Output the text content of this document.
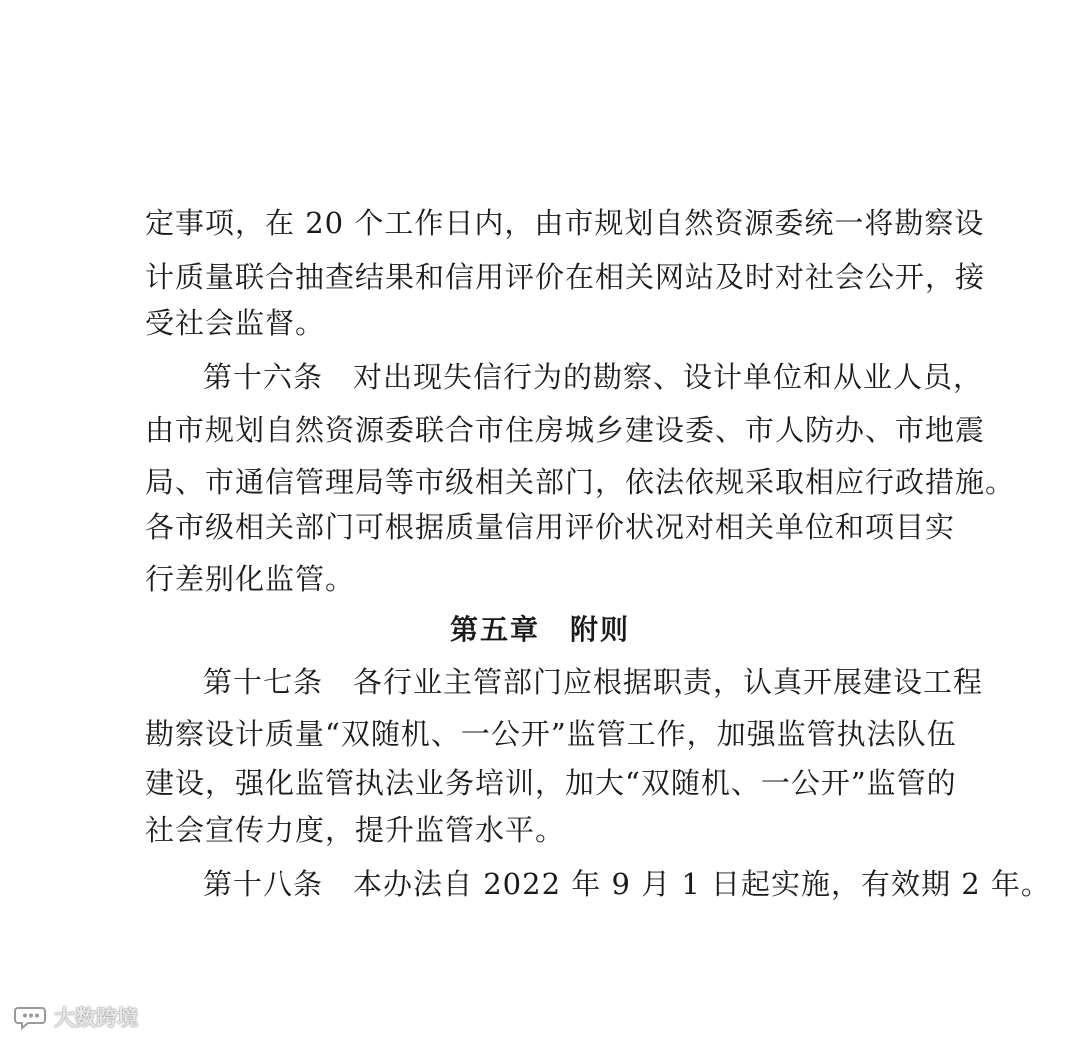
定事项，在 20 个工作日内，由市规划自然资源委统一将勘察设
计质量联合抽查结果和信用评价在相关网站及时对社会公开，接
受社会监督。
第十六条　对出现失信行为的勘察、设计单位和从业人员，
由市规划自然资源委联合市住房城乡建设委、市人防办、市地震
局、市通信管理局等市级相关部门，依法依规采取相应行政措施。
各市级相关部门可根据质量信用评价状况对相关单位和项目实
行差别化监管。
第五章　附则
第十七条　各行业主管部门应根据职责，认真开展建设工程
勘察设计质量“双随机、一公开”监管工作，加强监管执法队伍
建设，强化监管执法业务培训，加大“双随机、一公开”监管的
社会宣传力度，提升监管水平。
第十八条　本办法自 2022 年 9 月 1 日起实施，有效期 2 年。
大数跨境
